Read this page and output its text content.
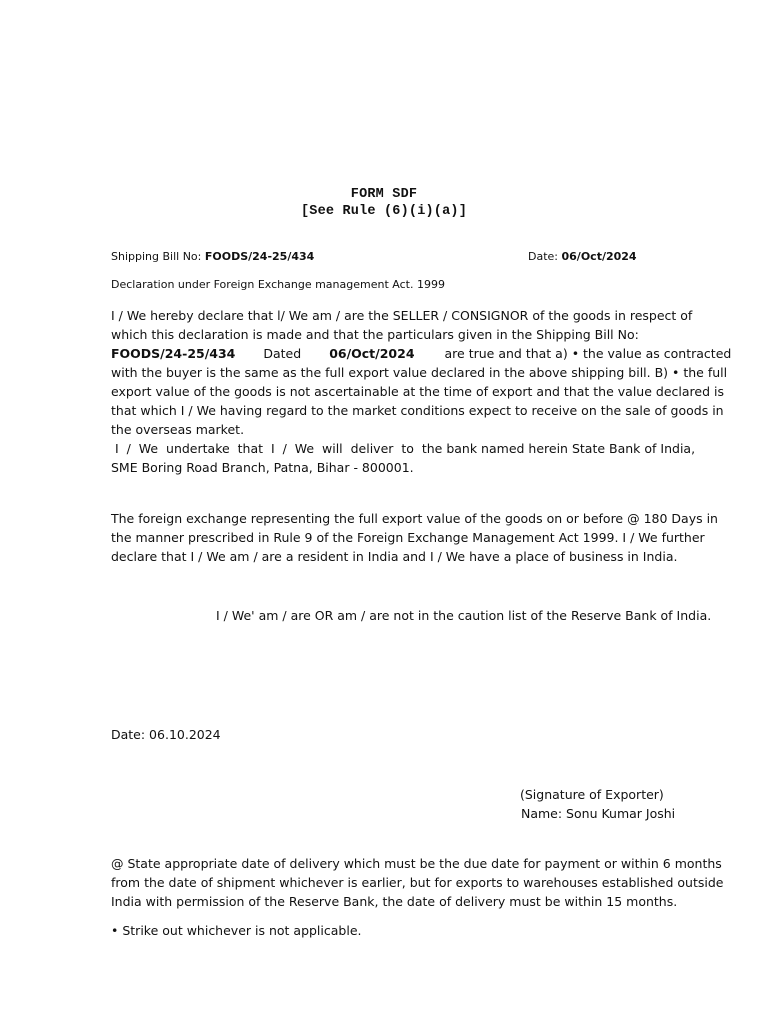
FORM SDF
[See Rule (6)(i)(a)]
Shipping Bill No: FOODS/24-25/434	Date: 06/Oct/2024
Declaration under Foreign Exchange management Act. 1999
I / We hereby declare that l/ We am / are the SELLER / CONSIGNOR of the goods in respect of
which this declaration is made and that the particulars given in the Shipping Bill No:
FOODS/24-25/434 Dated 06/Oct/2024 are true and that a) • the value as contracted
with the buyer is the same as the full export value declared in the above shipping bill. B) • the full
export value of the goods is not ascertainable at the time of export and that the value declared is
that which I / We having regard to the market conditions expect to receive on the sale of goods in
the overseas market.
I  /  We  undertake  that  I  /  We  will  deliver  to  the bank named herein State Bank of India,
SME Boring Road Branch, Patna, Bihar - 800001.
The foreign exchange representing the full export value of the goods on or before @ 180 Days in
the manner prescribed in Rule 9 of the Foreign Exchange Management Act 1999. I / We further
declare that I / We am / are a resident in India and I / We have a place of business in India.
I / We' am / are OR am / are not in the caution list of the Reserve Bank of India.
Date: 06.10.2024
(Signature of Exporter)
Name: Sonu Kumar Joshi
@ State appropriate date of delivery which must be the due date for payment or within 6 months
from the date of shipment whichever is earlier, but for exports to warehouses established outside
India with permission of the Reserve Bank, the date of delivery must be within 15 months.
• Strike out whichever is not applicable.
